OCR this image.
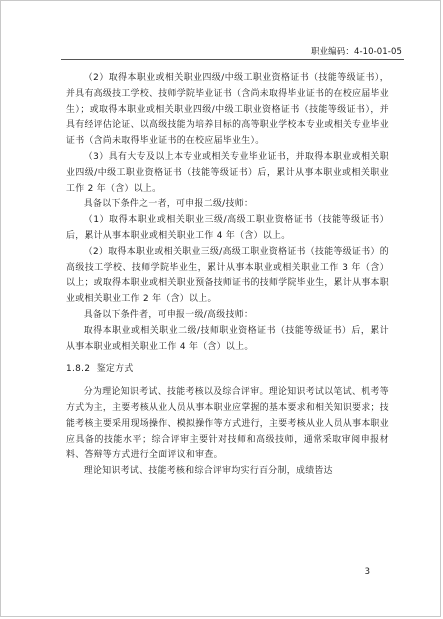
职业编码：4-10-01-05

（2）取得本职业或相关职业四级/中级工职业资格证书（技能等级证书），并具有高级技工学校、技师学院毕业证书（含尚未取得毕业证书的在校应届毕业生）；或取得本职业或相关职业四级/中级工职业资格证书（技能等级证书），并具有经评估论证、以高级技能为培养目标的高等职业学校本专业或相关专业毕业证书（含尚未取得毕业证书的在校应届毕业生）。

（3）具有大专及以上本专业或相关专业毕业证书，并取得本职业或相关职业四级/中级工职业资格证书（技能等级证书）后，累计从事本职业或相关职业工作 2 年（含）以上。

具备以下条件之一者，可申报二级/技师：

（1）取得本职业或相关职业三级/高级工职业资格证书（技能等级证书）后，累计从事本职业或相关职业工作 4 年（含）以上。

（2）取得本职业或相关职业三级/高级工职业资格证书（技能等级证书）的高级技工学校、技师学院毕业生，累计从事本职业或相关职业工作 3 年（含）以上；或取得本职业或相关职业预备技师证书的技师学院毕业生，累计从事本职业或相关职业工作 2 年（含）以上。

具备以下条件者，可申报一级/高级技师：

取得本职业或相关职业二级/技师职业资格证书（技能等级证书）后，累计从事本职业或相关职业工作 4 年（含）以上。

1.8.2 鉴定方式

分为理论知识考试、技能考核以及综合评审。理论知识考试以笔试、机考等方式为主，主要考核从业人员从事本职业应掌握的基本要求和相关知识要求；技能考核主要采用现场操作、模拟操作等方式进行，主要考核从业人员从事本职业应具备的技能水平；综合评审主要针对技师和高级技师，通常采取审阅申报材料、答辩等方式进行全面评议和审查。

理论知识考试、技能考核和综合评审均实行百分制，成绩皆达

3
